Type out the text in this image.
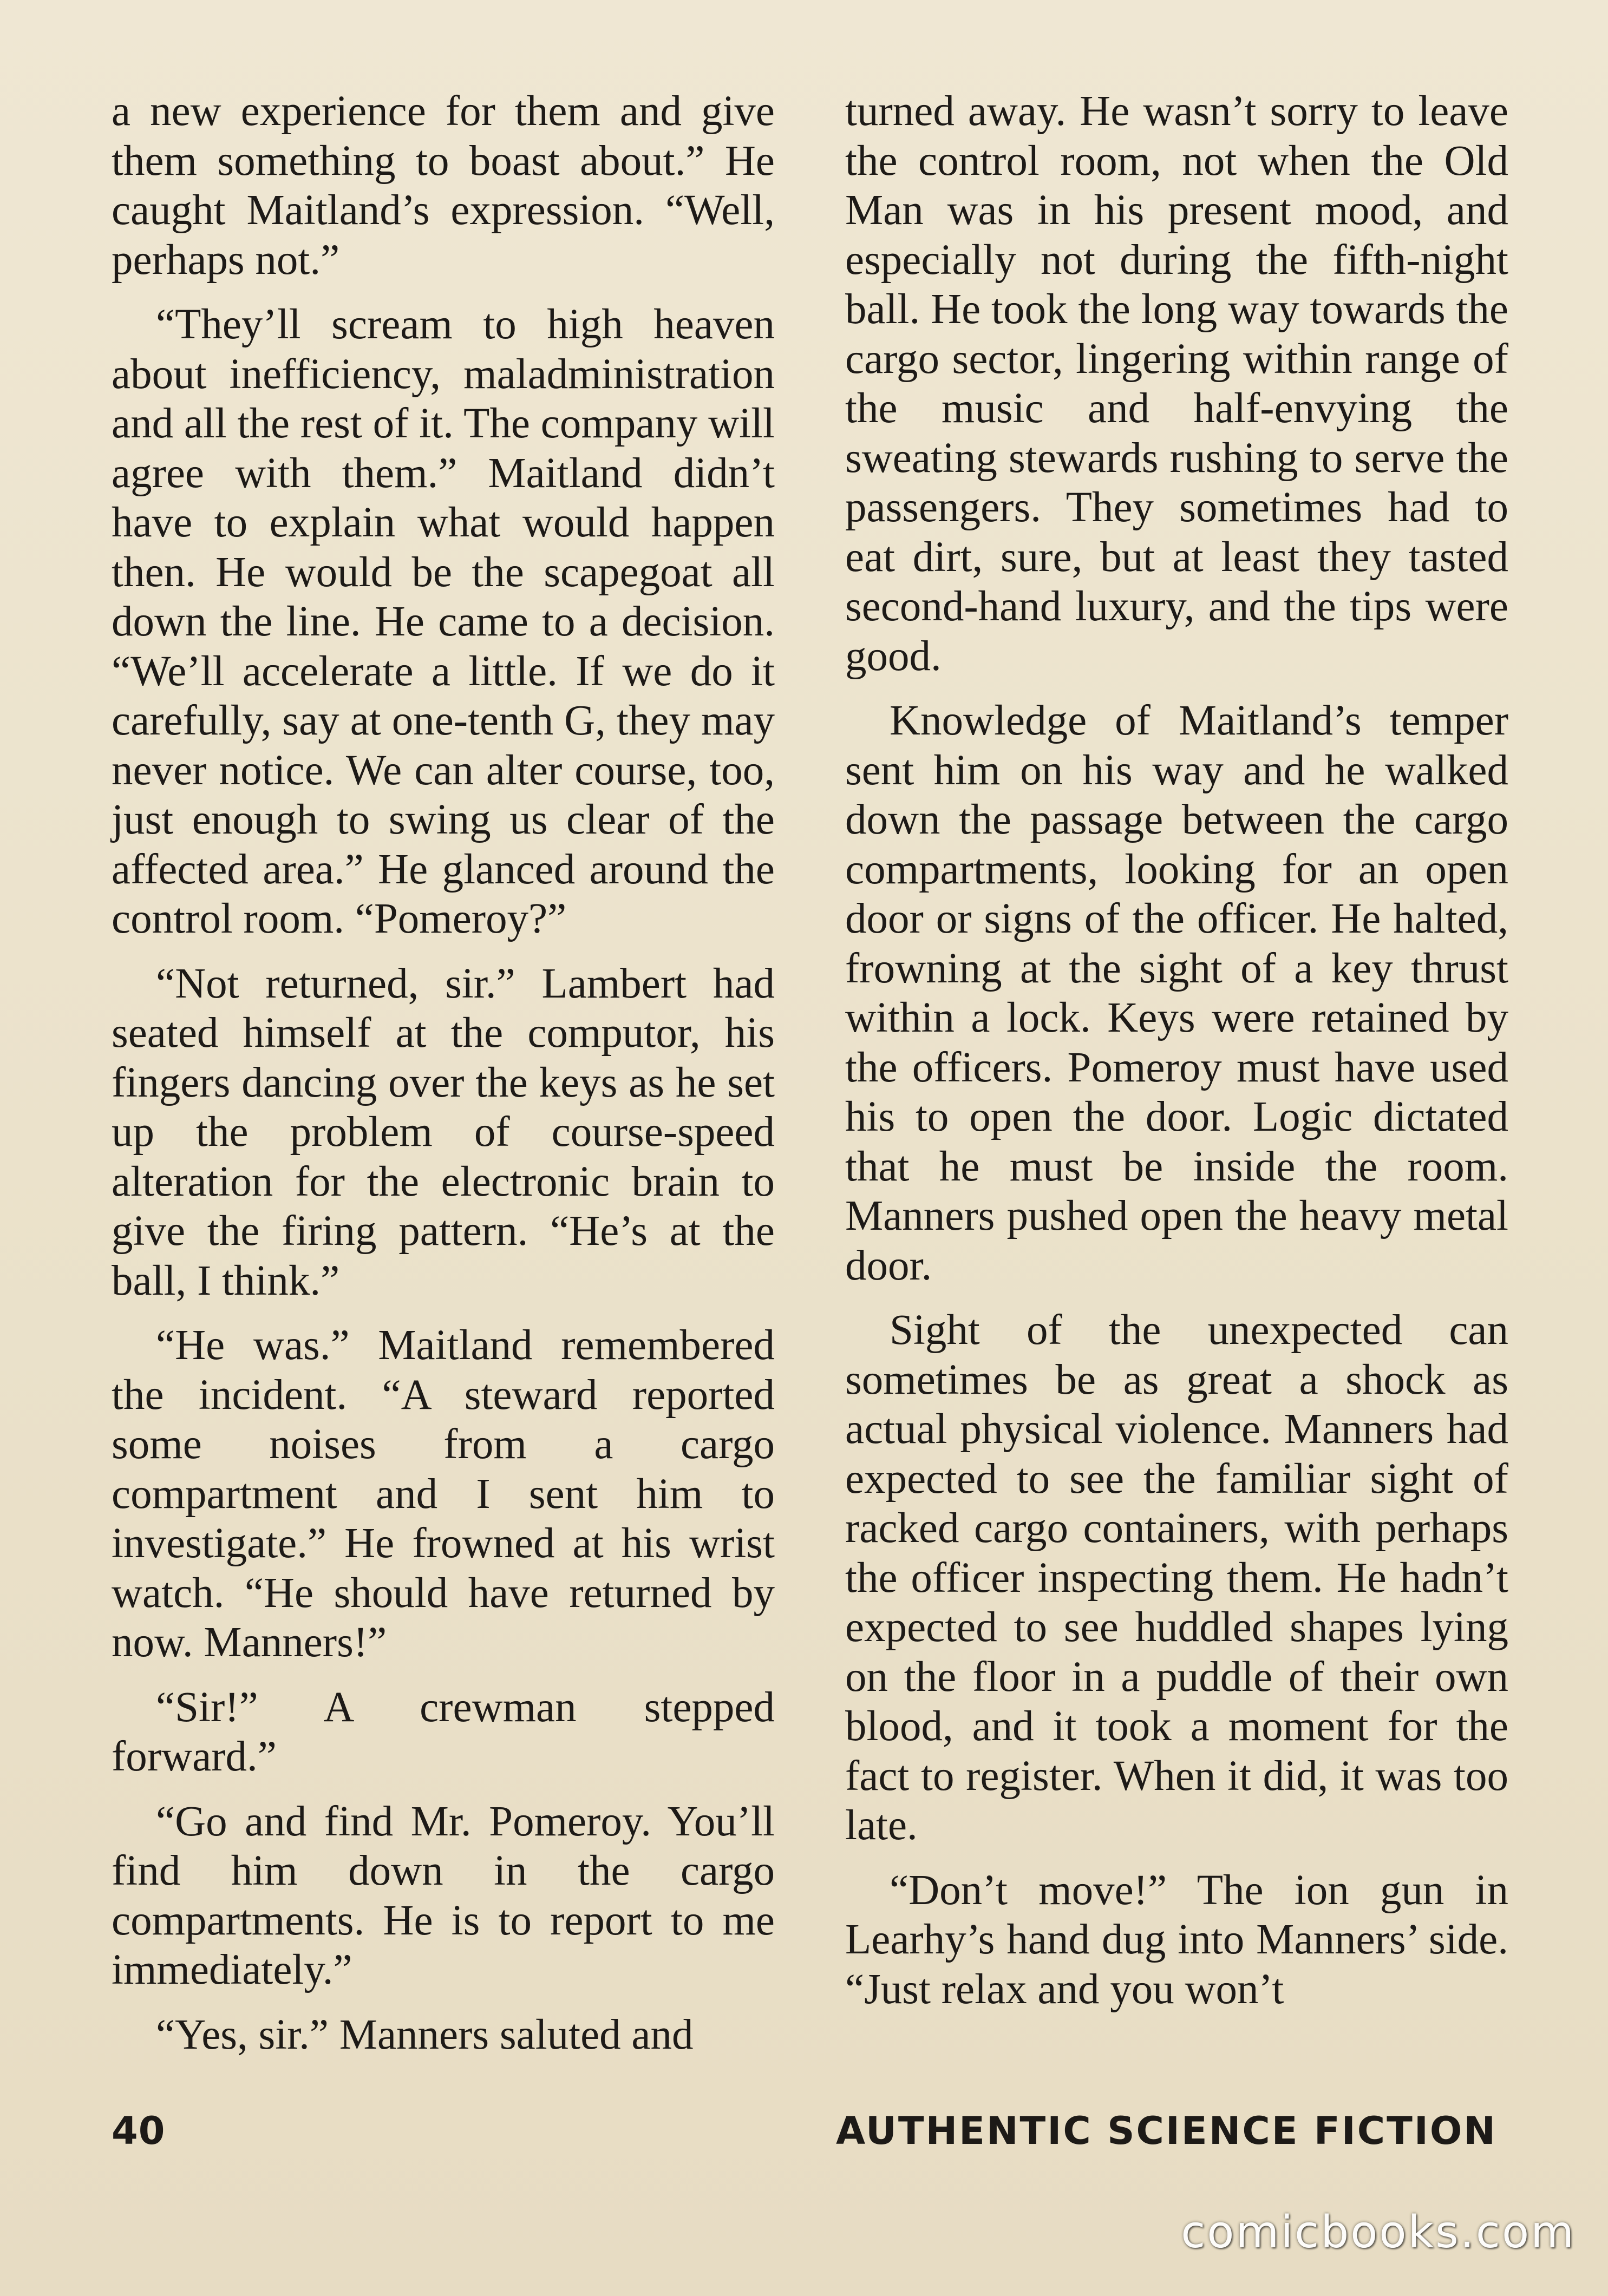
a new experience for them and give them something to boast about.” He caught Maitland’s expression. “Well, perhaps not.”

“They’ll scream to high heaven about inefficiency, maladministration and all the rest of it. The company will agree with them.” Maitland didn’t have to explain what would happen then. He would be the scapegoat all down the line. He came to a decision. “We’ll accelerate a little. If we do it carefully, say at one-tenth G, they may never notice. We can alter course, too, just enough to swing us clear of the affected area.” He glanced around the control room. “Pomeroy?”

“Not returned, sir.” Lambert had seated himself at the computor, his fingers dancing over the keys as he set up the problem of course-speed alteration for the electronic brain to give the firing pattern. “He’s at the ball, I think.”

“He was.” Maitland remembered the incident. “A steward reported some noises from a cargo compartment and I sent him to investigate.” He frowned at his wrist watch. “He should have returned by now. Manners!”

“Sir!” A crewman stepped forward.”

“Go and find Mr. Pomeroy. You’ll find him down in the cargo compartments. He is to report to me immediately.”

“Yes, sir.” Manners saluted and

turned away. He wasn’t sorry to leave the control room, not when the Old Man was in his present mood, and especially not during the fifth-night ball. He took the long way towards the cargo sector, lingering within range of the music and half-envying the sweating stewards rushing to serve the passengers. They sometimes had to eat dirt, sure, but at least they tasted second-hand luxury, and the tips were good.

Knowledge of Maitland’s temper sent him on his way and he walked down the passage between the cargo compartments, looking for an open door or signs of the officer. He halted, frowning at the sight of a key thrust within a lock. Keys were retained by the officers. Pomeroy must have used his to open the door. Logic dictated that he must be inside the room. Manners pushed open the heavy metal door.

Sight of the unexpected can sometimes be as great a shock as actual physical violence. Manners had expected to see the familiar sight of racked cargo containers, with perhaps the officer inspecting them. He hadn’t expected to see huddled shapes lying on the floor in a puddle of their own blood, and it took a moment for the fact to register. When it did, it was too late.

“Don’t move!” The ion gun in Learhy’s hand dug into Manners’ side. “Just relax and you won’t

40	AUTHENTIC SCIENCE FICTION
comicbooks.com
